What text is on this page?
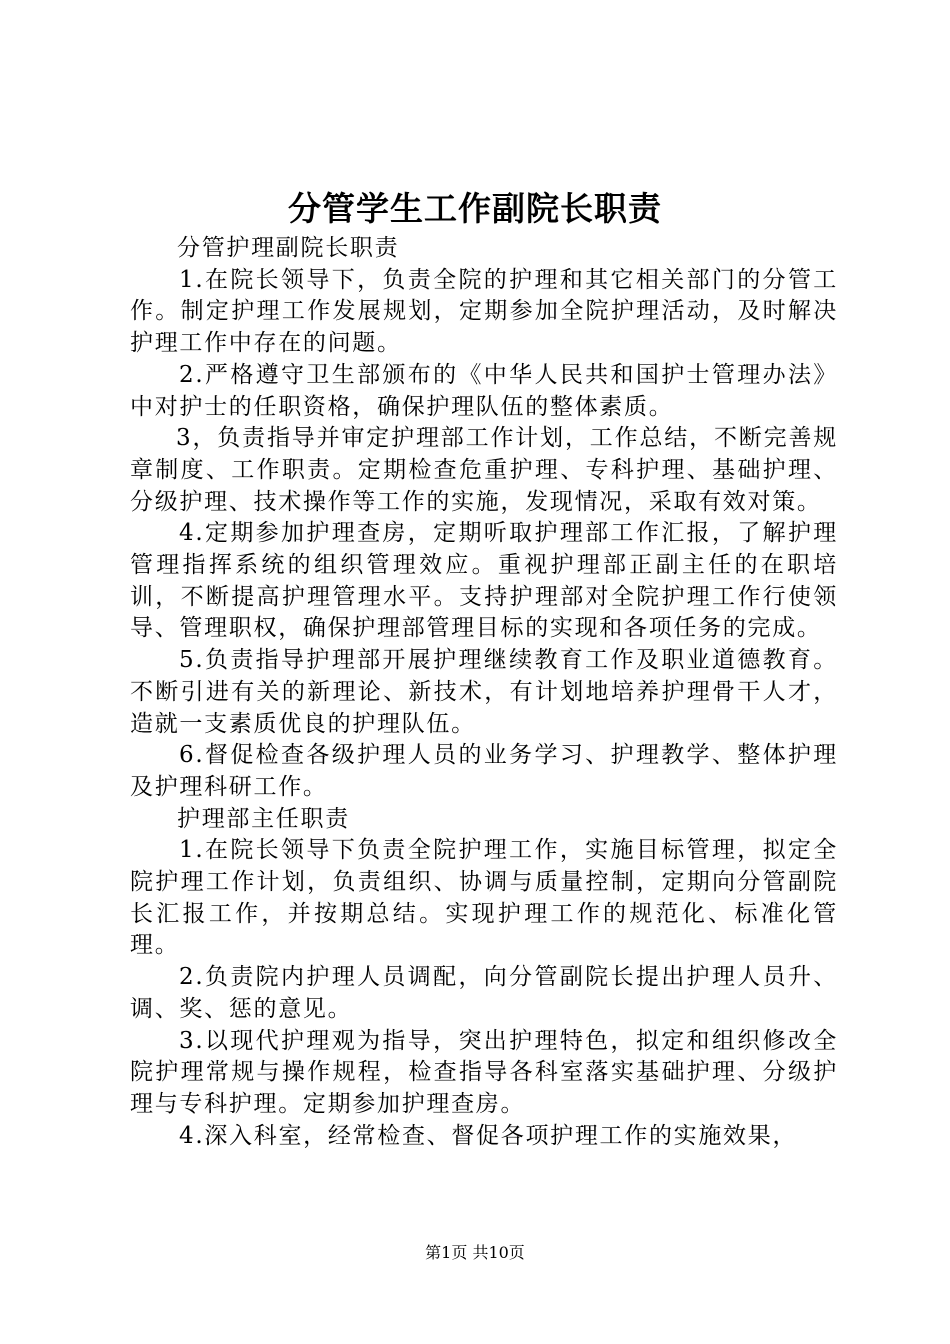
分管学生工作副院长职责

分管护理副院长职责

1.在院长领导下，负责全院的护理和其它相关部门的分管工作。制定护理工作发展规划，定期参加全院护理活动，及时解决护理工作中存在的问题。

2.严格遵守卫生部颁布的《中华人民共和国护士管理办法》中对护士的任职资格，确保护理队伍的整体素质。

3，负责指导并审定护理部工作计划，工作总结，不断完善规章制度、工作职责。定期检查危重护理、专科护理、基础护理、分级护理、技术操作等工作的实施，发现情况，采取有效对策。

4.定期参加护理查房，定期听取护理部工作汇报，了解护理管理指挥系统的组织管理效应。重视护理部正副主任的在职培训，不断提高护理管理水平。支持护理部对全院护理工作行使领导、管理职权，确保护理部管理目标的实现和各项任务的完成。

5.负责指导护理部开展护理继续教育工作及职业道德教育。不断引进有关的新理论、新技术，有计划地培养护理骨干人才，造就一支素质优良的护理队伍。

6.督促检查各级护理人员的业务学习、护理教学、整体护理及护理科研工作。

护理部主任职责

1.在院长领导下负责全院护理工作，实施目标管理，拟定全院护理工作计划，负责组织、协调与质量控制，定期向分管副院长汇报工作，并按期总结。实现护理工作的规范化、标准化管理。

2.负责院内护理人员调配，向分管副院长提出护理人员升、调、奖、惩的意见。

3.以现代护理观为指导，突出护理特色，拟定和组织修改全院护理常规与操作规程，检查指导各科室落实基础护理、分级护理与专科护理。定期参加护理查房。

4.深入科室，经常检查、督促各项护理工作的实施效果，

第1页 共10页
